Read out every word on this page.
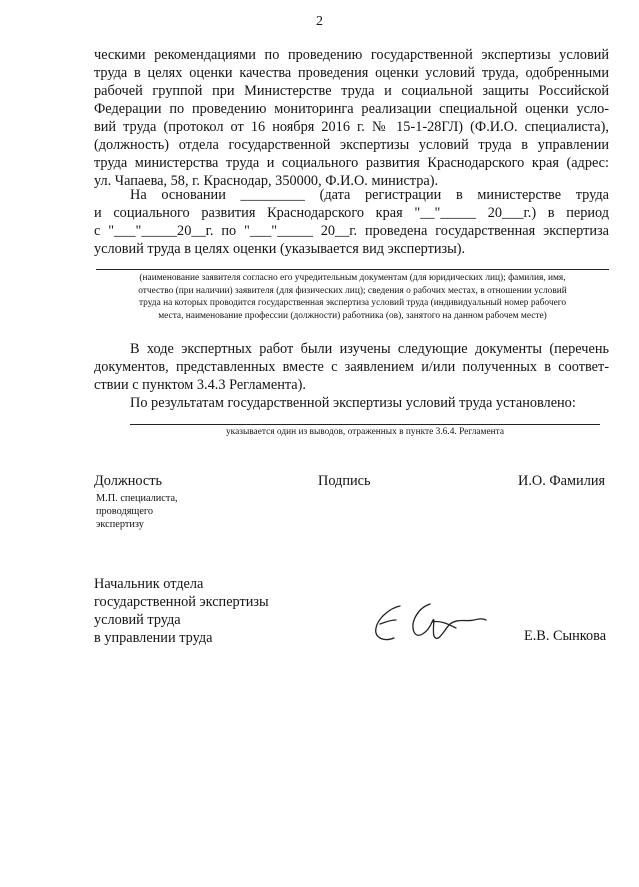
2
ческими рекомендациями по проведению государственной экспертизы условий
труда в целях оценки качества проведения оценки условий труда, одобренными
рабочей группой при Министерстве труда и социальной защиты Российской
Федерации по проведению мониторинга реализации специальной оценки усло-
вий труда (протокол от 16 ноября 2016 г. № 15-1-28ГЛ) (Ф.И.О. специалиста),
(должность) отдела государственной экспертизы условий труда в управлении
труда министерства труда и социального развития Краснодарского края (адрес:
ул. Чапаева, 58, г. Краснодар, 350000, Ф.И.О. министра).
На основании _________ (дата регистрации в министерстве труда
и социального развития Краснодарского края "__"_____ 20___г.) в период
с "___"_____20__г. по "___"_____ 20__г. проведена государственная экспертиза
условий труда в целях оценки (указывается вид экспертизы).
(наименование заявителя согласно его учредительным документам (для юридических лиц); фамилия, имя,
отчество (при наличии) заявителя (для физических лиц); сведения о рабочих местах, в отношении условий
труда на которых проводится государственная экспертиза условий труда (индивидуальный номер рабочего
места, наименование профессии (должности) работника (ов), занятого на данном рабочем месте)
В ходе экспертных работ были изучены следующие документы (перечень
документов, представленных вместе с заявлением и/или полученных в соответ-
ствии с пунктом 3.4.3 Регламента).
По результатам государственной экспертизы условий труда установлено:
указывается один из выводов, отраженных в пункте 3.6.4. Регламента
Должность	Подпись	И.О. Фамилия
М.П. специалиста,
проводящего
экспертизу
Начальник отдела
государственной экспертизы
условий труда
в управлении труда	Е.В. Сынкова
